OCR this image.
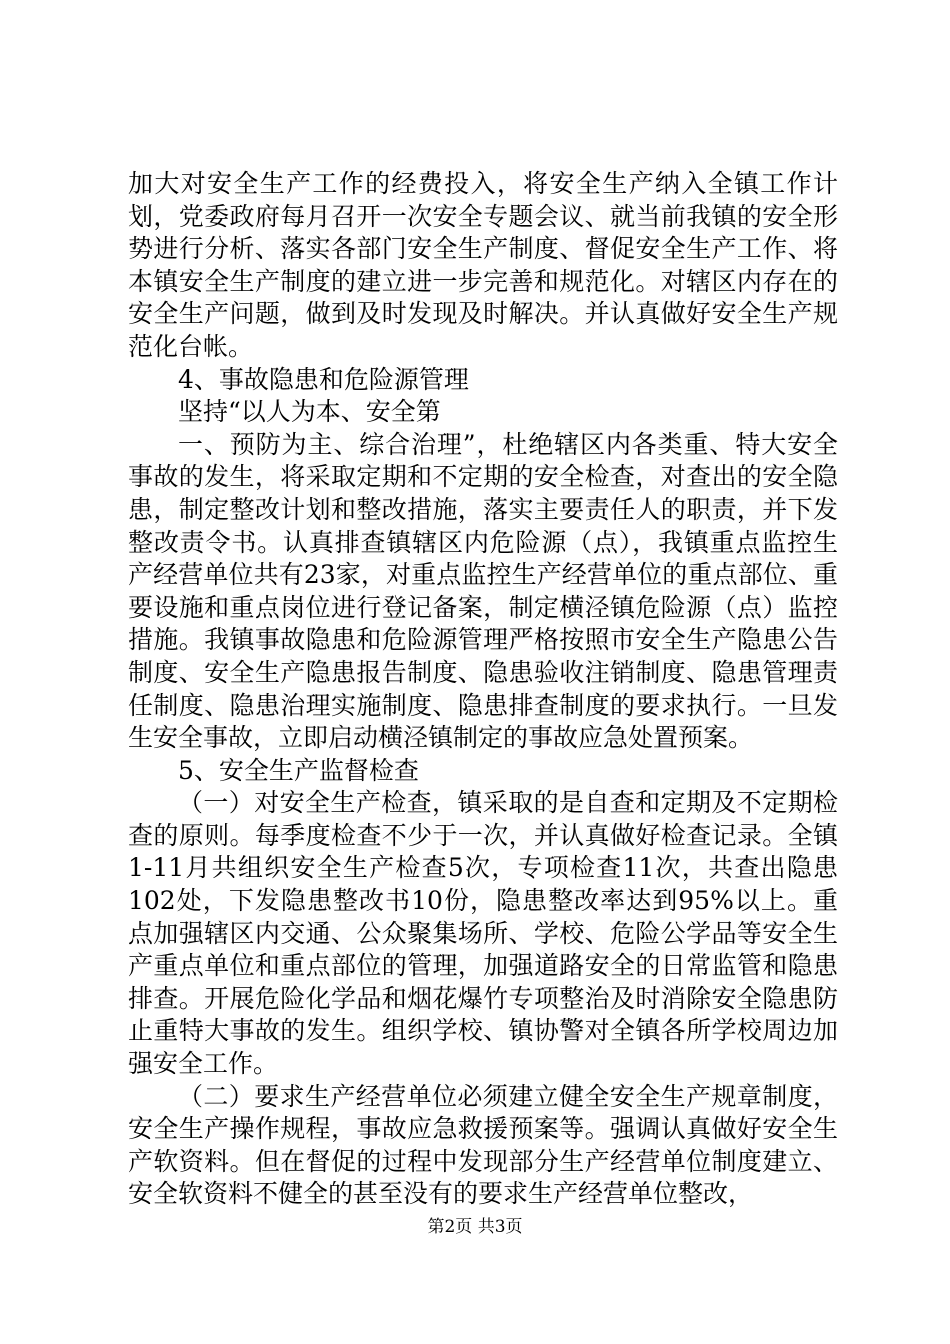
加大对安全生产工作的经费投入，将安全生产纳入全镇工作计划，党委政府每月召开一次安全专题会议、就当前我镇的安全形势进行分析、落实各部门安全生产制度、督促安全生产工作、将本镇安全生产制度的建立进一步完善和规范化。对辖区内存在的安全生产问题，做到及时发现及时解决。并认真做好安全生产规范化台帐。

4、事故隐患和危险源管理

坚持“以人为本、安全第

一、预防为主、综合治理”，杜绝辖区内各类重、特大安全事故的发生，将采取定期和不定期的安全检查，对查出的安全隐患，制定整改计划和整改措施，落实主要责任人的职责，并下发整改责令书。认真排查镇辖区内危险源（点），我镇重点监控生产经营单位共有23家，对重点监控生产经营单位的重点部位、重要设施和重点岗位进行登记备案，制定横泾镇危险源（点）监控措施。我镇事故隐患和危险源管理严格按照市安全生产隐患公告制度、安全生产隐患报告制度、隐患验收注销制度、隐患管理责任制度、隐患治理实施制度、隐患排查制度的要求执行。一旦发生安全事故，立即启动横泾镇制定的事故应急处置预案。

5、安全生产监督检查

（一）对安全生产检查，镇采取的是自查和定期及不定期检查的原则。每季度检查不少于一次，并认真做好检查记录。全镇1-11月共组织安全生产检查5次，专项检查11次，共查出隐患102处，下发隐患整改书10份，隐患整改率达到95%以上。重点加强辖区内交通、公众聚集场所、学校、危险公学品等安全生产重点单位和重点部位的管理，加强道路安全的日常监管和隐患排查。开展危险化学品和烟花爆竹专项整治及时消除安全隐患防止重特大事故的发生。组织学校、镇协警对全镇各所学校周边加强安全工作。

（二）要求生产经营单位必须建立健全安全生产规章制度，安全生产操作规程，事故应急救援预案等。强调认真做好安全生产软资料。但在督促的过程中发现部分生产经营单位制度建立、安全软资料不健全的甚至没有的要求生产经营单位整改，

第2页 共3页
